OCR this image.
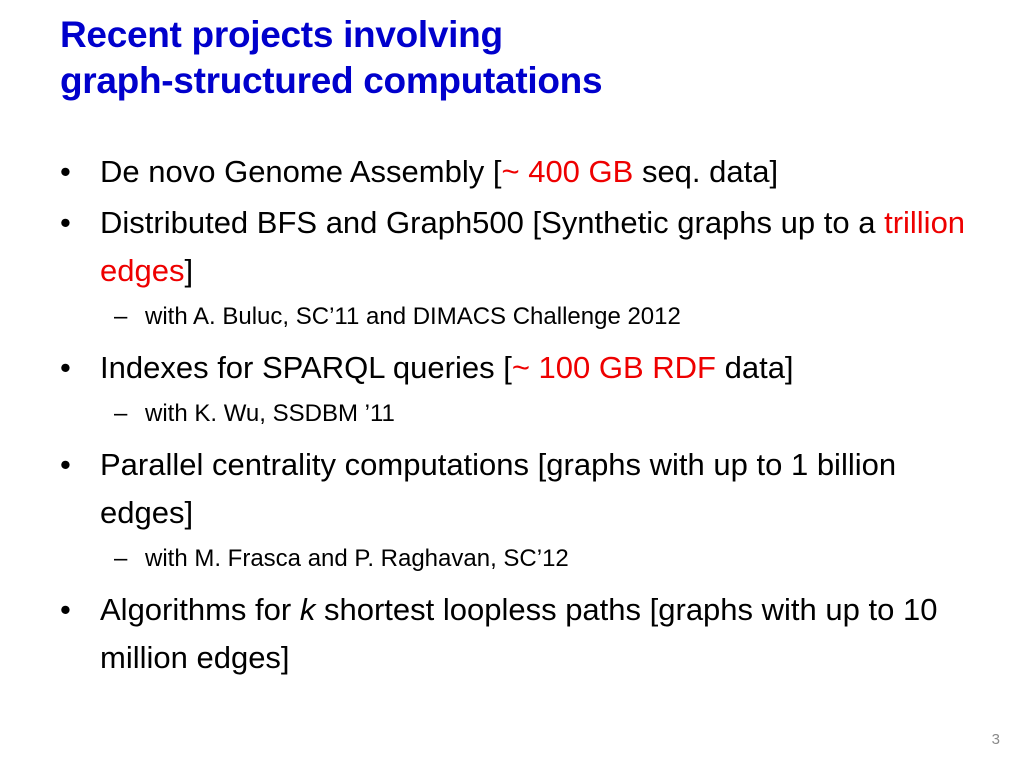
Recent projects involving
graph-structured computations
• De novo Genome Assembly [~ 400 GB seq. data]
• Distributed BFS and Graph500 [Synthetic graphs up to a trillion edges]
– with A. Buluc, SC’11 and DIMACS Challenge 2012
• Indexes for SPARQL queries [~ 100 GB RDF data]
– with K. Wu, SSDBM ’11
• Parallel centrality computations [graphs with up to 1 billion edges]
– with M. Frasca and P. Raghavan, SC’12
• Algorithms for k shortest loopless paths [graphs with up to 10 million edges]
3
